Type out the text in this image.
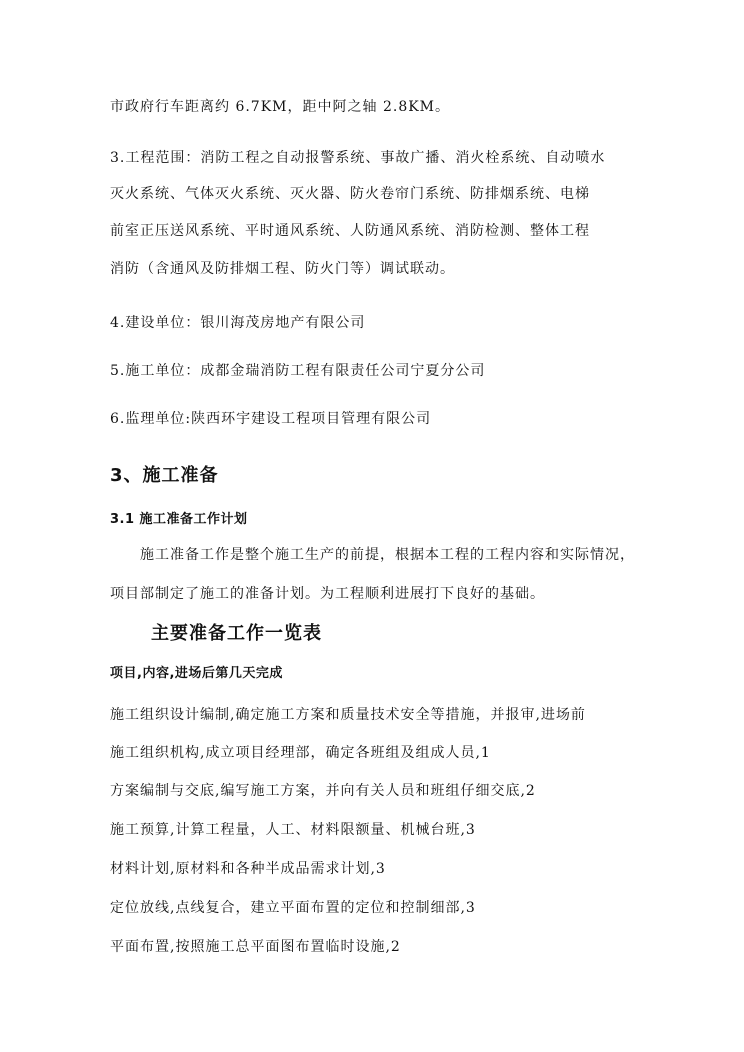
市政府行车距离约 6.7KM，距中阿之轴 2.8KM。
3.工程范围：消防工程之自动报警系统、事故广播、消火栓系统、自动喷水
灭火系统、气体灭火系统、灭火器、防火卷帘门系统、防排烟系统、电梯
前室正压送风系统、平时通风系统、人防通风系统、消防检测、整体工程
消防（含通风及防排烟工程、防火门等）调试联动。
4.建设单位：银川海茂房地产有限公司
5.施工单位：成都金瑞消防工程有限责任公司宁夏分公司
6.监理单位:陕西环宇建设工程项目管理有限公司
3、施工准备
3.1 施工准备工作计划
施工准备工作是整个施工生产的前提，根据本工程的工程内容和实际情况，
项目部制定了施工的准备计划。为工程顺利进展打下良好的基础。
主要准备工作一览表
项目,内容,进场后第几天完成
施工组织设计编制,确定施工方案和质量技术安全等措施，并报审,进场前
施工组织机构,成立项目经理部，确定各班组及组成人员,1
方案编制与交底,编写施工方案，并向有关人员和班组仔细交底,2
施工预算,计算工程量，人工、材料限额量、机械台班,3
材料计划,原材料和各种半成品需求计划,3
定位放线,点线复合，建立平面布置的定位和控制细部,3
平面布置,按照施工总平面图布置临时设施,2
